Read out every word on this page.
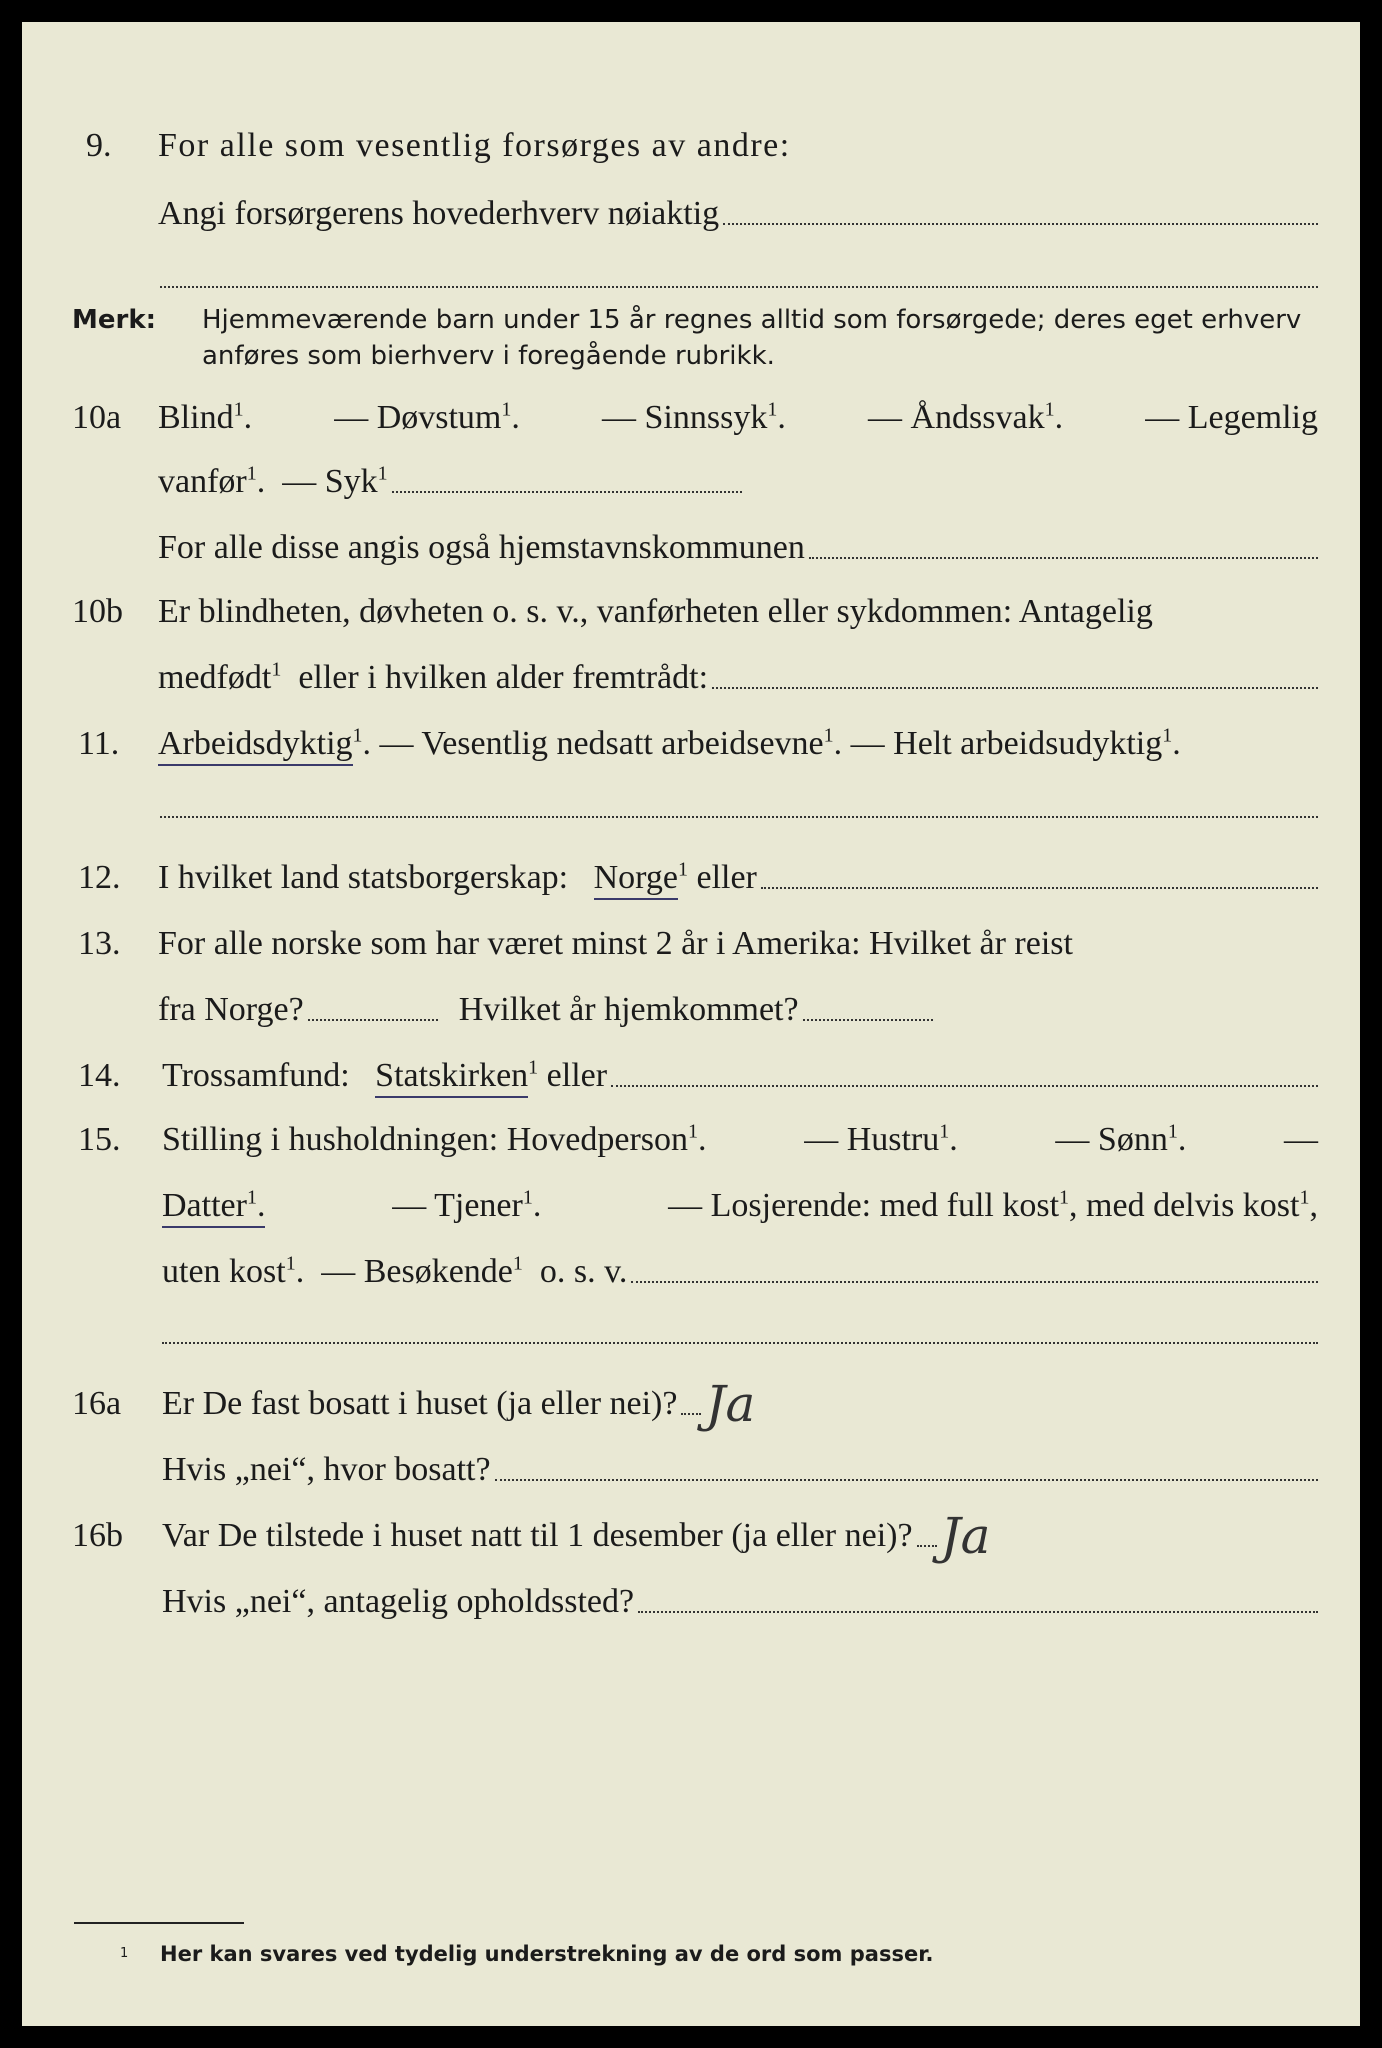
9. For alle som vesentlig forsørges av andre:
Angi forsørgerens hovederhverv nøiaktig
Merk: Hjemmeværende barn under 15 år regnes alltid som forsørgede; deres eget erhverv
anføres som bierhverv i foregående rubrikk.
10a Blind$^1$. — Døvstum$^1$. — Sinnssyk$^1$. — Åndssvak$^1$. — Legemlig
vanfør$^1$.
— Syk$^1$
For alle disse angis også hjemstavnskommunen
10b Er blindheten, døvheten o. s. v., vanførheten eller sykdommen: Antagelig
medfødt$^1$
eller i hvilken alder fremtrådt:
11. Arbeidsdyktig$^1$.
— Vesentlig nedsatt arbeidsevne$^1$.
— Helt arbeidsudyktig$^1$.
12. I hvilket land statsborgerskap:
Norge$^1$
eller
13. For alle norske som har været minst 2 år i Amerika: Hvilket år reist
fra Norge?
	Hvilket år hjemkommet?
14. Trossamfund:
Statskirken$^1$
eller
15. Stilling i husholdningen: Hovedperson$^1$.	— Hustru$^1$.	— Sønn$^1$.	—
Datter$^1$.	— Tjener$^1$.	— Losjerende: med full kost$^1$, med delvis kost$^1$,
uten kost$^1$.
— Besøkende$^1$
o. s. v.
16a Er De fast bosatt i huset (ja eller nei)? Ja
Hvis „nei“, hvor bosatt?
16b Var De tilstede i huset natt til 1 desember (ja eller nei)? Ja
Hvis „nei“, antagelig opholdssted?
1 Her kan svares ved tydelig understrekning av de ord som passer.
